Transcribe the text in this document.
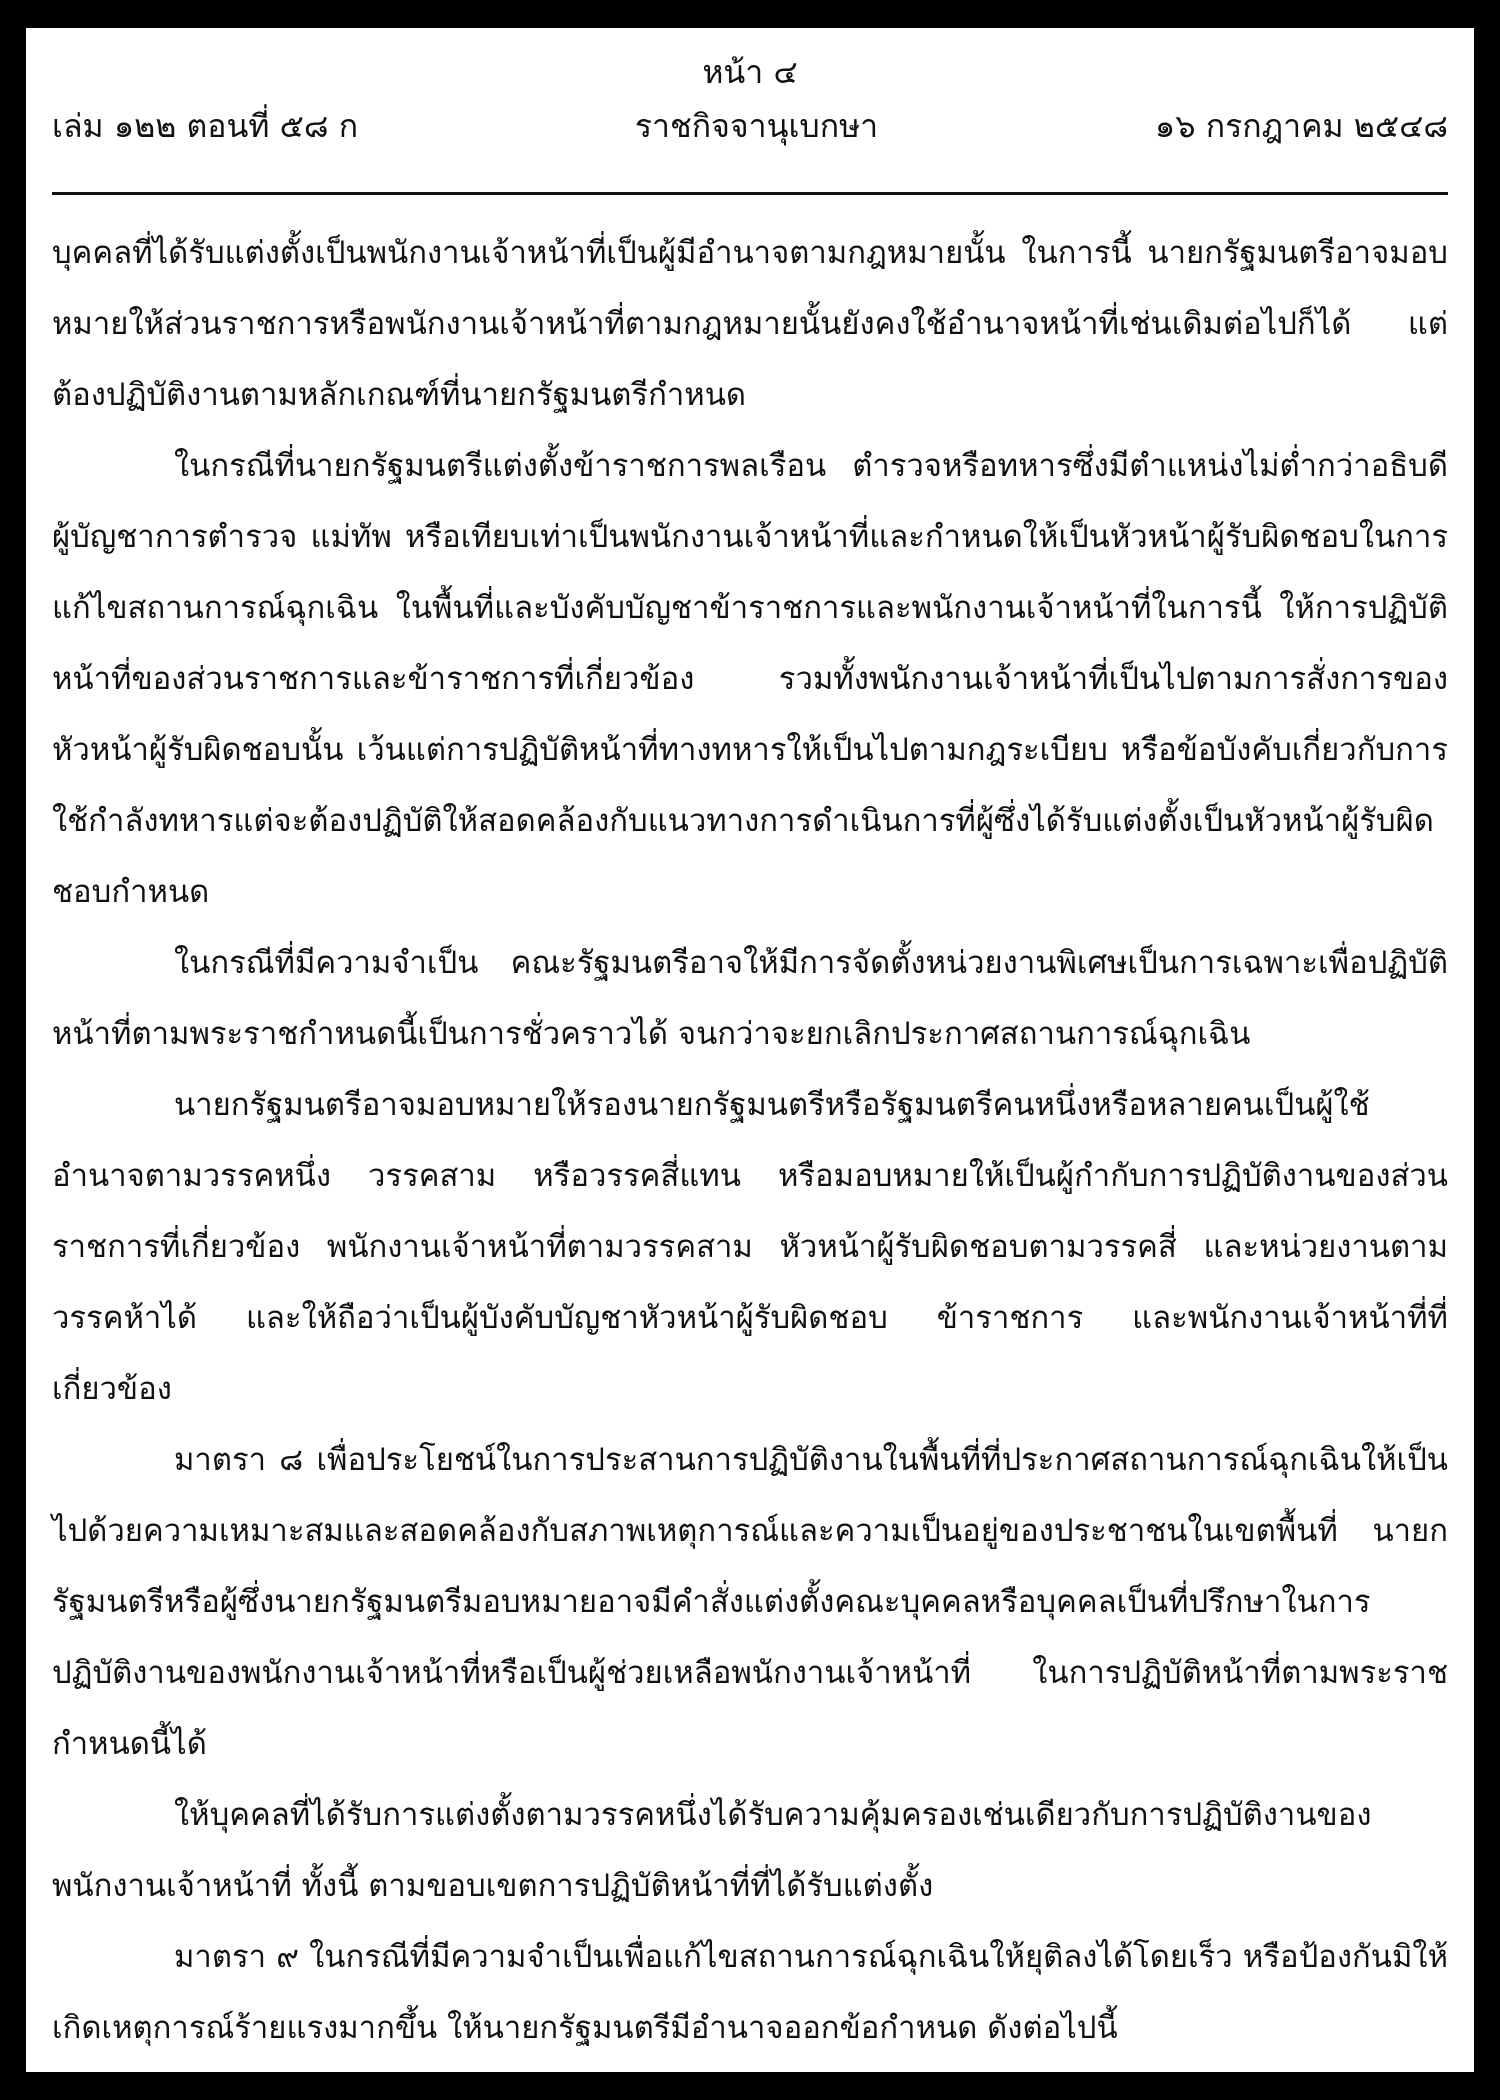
หน้า ๔
เล่ม ๑๒๒ ตอนที่ ๕๘ ก	ราชกิจจานุเบกษา	๑๖ กรกฎาคม ๒๕๔๘

บุคคลที่ได้รับแต่งตั้งเป็นพนักงานเจ้าหน้าที่เป็นผู้มีอำนาจตามกฎหมายนั้น ในการนี้ นายกรัฐมนตรีอาจมอบหมายให้ส่วนราชการหรือพนักงานเจ้าหน้าที่ตามกฎหมายนั้นยังคงใช้อำนาจหน้าที่เช่นเดิมต่อไปก็ได้ แต่ต้องปฏิบัติงานตามหลักเกณฑ์ที่นายกรัฐมนตรีกำหนด

ในกรณีที่นายกรัฐมนตรีแต่งตั้งข้าราชการพลเรือน ตำรวจหรือทหารซึ่งมีตำแหน่งไม่ต่ำกว่าอธิบดี ผู้บัญชาการตำรวจ แม่ทัพ หรือเทียบเท่าเป็นพนักงานเจ้าหน้าที่และกำหนดให้เป็นหัวหน้าผู้รับผิดชอบในการแก้ไขสถานการณ์ฉุกเฉิน ในพื้นที่และบังคับบัญชาข้าราชการและพนักงานเจ้าหน้าที่ในการนี้ ให้การปฏิบัติหน้าที่ของส่วนราชการและข้าราชการที่เกี่ยวข้อง รวมทั้งพนักงานเจ้าหน้าที่เป็นไปตามการสั่งการของหัวหน้าผู้รับผิดชอบนั้น เว้นแต่การปฏิบัติหน้าที่ทางทหารให้เป็นไปตามกฎระเบียบ หรือข้อบังคับเกี่ยวกับการใช้กำลังทหารแต่จะต้องปฏิบัติให้สอดคล้องกับแนวทางการดำเนินการที่ผู้ซึ่งได้รับแต่งตั้งเป็นหัวหน้าผู้รับผิดชอบกำหนด

ในกรณีที่มีความจำเป็น คณะรัฐมนตรีอาจให้มีการจัดตั้งหน่วยงานพิเศษเป็นการเฉพาะเพื่อปฏิบัติหน้าที่ตามพระราชกำหนดนี้เป็นการชั่วคราวได้ จนกว่าจะยกเลิกประกาศสถานการณ์ฉุกเฉิน

นายกรัฐมนตรีอาจมอบหมายให้รองนายกรัฐมนตรีหรือรัฐมนตรีคนหนึ่งหรือหลายคนเป็นผู้ใช้อำนาจตามวรรคหนึ่ง วรรคสาม หรือวรรคสี่แทน หรือมอบหมายให้เป็นผู้กำกับการปฏิบัติงานของส่วนราชการที่เกี่ยวข้อง พนักงานเจ้าหน้าที่ตามวรรคสาม หัวหน้าผู้รับผิดชอบตามวรรคสี่ และหน่วยงานตามวรรคห้าได้ และให้ถือว่าเป็นผู้บังคับบัญชาหัวหน้าผู้รับผิดชอบ ข้าราชการ และพนักงานเจ้าหน้าที่ที่เกี่ยวข้อง

มาตรา ๘ เพื่อประโยชน์ในการประสานการปฏิบัติงานในพื้นที่ที่ประกาศสถานการณ์ฉุกเฉินให้เป็นไปด้วยความเหมาะสมและสอดคล้องกับสภาพเหตุการณ์และความเป็นอยู่ของประชาชนในเขตพื้นที่ นายกรัฐมนตรีหรือผู้ซึ่งนายกรัฐมนตรีมอบหมายอาจมีคำสั่งแต่งตั้งคณะบุคคลหรือบุคคลเป็นที่ปรึกษาในการปฏิบัติงานของพนักงานเจ้าหน้าที่หรือเป็นผู้ช่วยเหลือพนักงานเจ้าหน้าที่ ในการปฏิบัติหน้าที่ตามพระราชกำหนดนี้ได้

ให้บุคคลที่ได้รับการแต่งตั้งตามวรรคหนึ่งได้รับความคุ้มครองเช่นเดียวกับการปฏิบัติงานของพนักงานเจ้าหน้าที่ ทั้งนี้ ตามขอบเขตการปฏิบัติหน้าที่ที่ได้รับแต่งตั้ง

มาตรา ๙ ในกรณีที่มีความจำเป็นเพื่อแก้ไขสถานการณ์ฉุกเฉินให้ยุติลงได้โดยเร็ว หรือป้องกันมิให้เกิดเหตุการณ์ร้ายแรงมากขึ้น ให้นายกรัฐมนตรีมีอำนาจออกข้อกำหนด ดังต่อไปนี้
